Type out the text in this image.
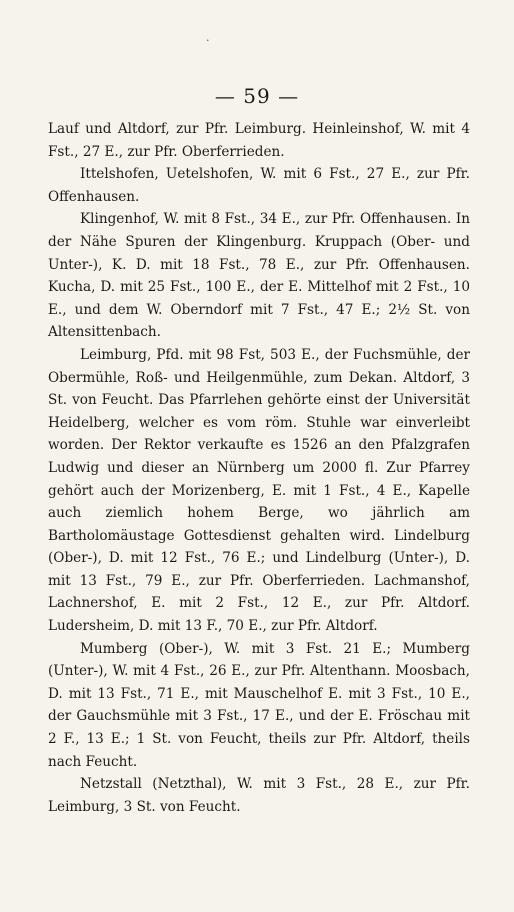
·
— 59 —

Lauf und Altdorf, zur Pfr. Leimburg. Heinleinshof, W. mit 4 Fst., 27 E., zur Pfr. Oberferrieden.

Ittelshofen, Uetelshofen, W. mit 6 Fst., 27 E., zur Pfr. Offenhausen.

Klingenhof, W. mit 8 Fst., 34 E., zur Pfr. Offenhausen. In der Nähe Spuren der Klingenburg. Kruppach (Ober- und Unter-), K. D. mit 18 Fst., 78 E., zur Pfr. Offenhausen. Kucha, D. mit 25 Fst., 100 E., der E. Mittelhof mit 2 Fst., 10 E., und dem W. Oberndorf mit 7 Fst., 47 E.; 2½ St. von Altensittenbach.

Leimburg, Pfd. mit 98 Fst, 503 E., der Fuchsmühle, der Obermühle, Roß- und Heilgenmühle, zum Dekan. Altdorf, 3 St. von Feucht. Das Pfarrlehen gehörte einst der Universität Heidelberg, welcher es vom röm. Stuhle war einverleibt worden. Der Rektor verkaufte es 1526 an den Pfalzgrafen Ludwig und dieser an Nürnberg um 2000 fl. Zur Pfarrey gehört auch der Morizenberg, E. mit 1 Fst., 4 E., Kapelle auch ziemlich hohem Berge, wo jährlich am Bartholomäustage Gottesdienst gehalten wird. Lindelburg (Ober-), D. mit 12 Fst., 76 E.; und Lindelburg (Unter-), D. mit 13 Fst., 79 E., zur Pfr. Oberferrieden. Lachmanshof, Lachnershof, E. mit 2 Fst., 12 E., zur Pfr. Altdorf. Ludersheim, D. mit 13 F., 70 E., zur Pfr. Altdorf.

Mumberg (Ober-), W. mit 3 Fst. 21 E.; Mumberg (Unter-), W. mit 4 Fst., 26 E., zur Pfr. Altenthann. Moosbach, D. mit 13 Fst., 71 E., mit Mauschelhof E. mit 3 Fst., 10 E., der Gauchsmühle mit 3 Fst., 17 E., und der E. Fröschau mit 2 F., 13 E.; 1 St. von Feucht, theils zur Pfr. Altdorf, theils nach Feucht.

Netzstall (Netzthal), W. mit 3 Fst., 28 E., zur Pfr. Leimburg, 3 St. von Feucht.
